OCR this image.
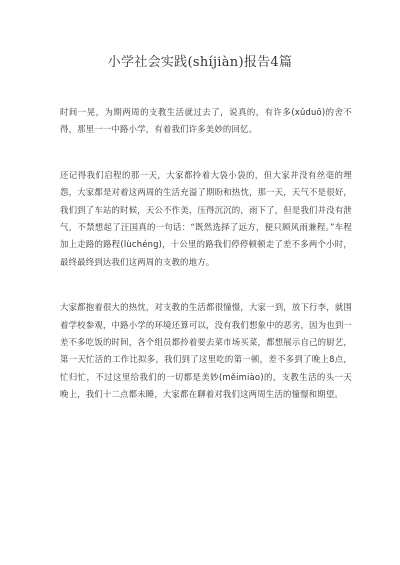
小学社会实践(shíjiàn)报告4篇

时间一晃，为期两周的支教生活就过去了，说真的，有许多(xǔduō)的舍不得，那里一一中路小学，有着我们许多美妙的回忆。

还记得我们启程的那一天，大家都拎着大袋小袋的，但大家并没有丝毫的埋怨，大家都是对着这两周的生活充溢了期盼和热忱，那一天，天气不是很好，我们到了车站的时候，天公不作美，压得沉沉的，雨下了，但是我们并没有泄气，不禁想起了汪国真的一句话：“既然选择了远方，便只顾风雨兼程。”车程加上走路的路程(lùchéng)，十公里的路我们停停顿顿走了差不多两个小时，最终最终到达我们这两周的支教的地方。

大家都抱着很大的热忱，对支教的生活都很憧憬，大家一到，放下行李，就围着学校参观，中路小学的环境还算可以，没有我们想象中的恶劣，因为也到一差不多吃饭的时间，各个组员都拎着要去菜市场买菜，都想展示自己的厨艺，第一天忙活的工作比拟多，我们到了这里吃的第一顿，差不多到了晚上8点，忙归忙，不过这里给我们的一切都是美妙(měimiào)的，支教生活的头一天晚上，我们十二点都未睡，大家都在聊着对我们这两周生活的憧憬和期望。
